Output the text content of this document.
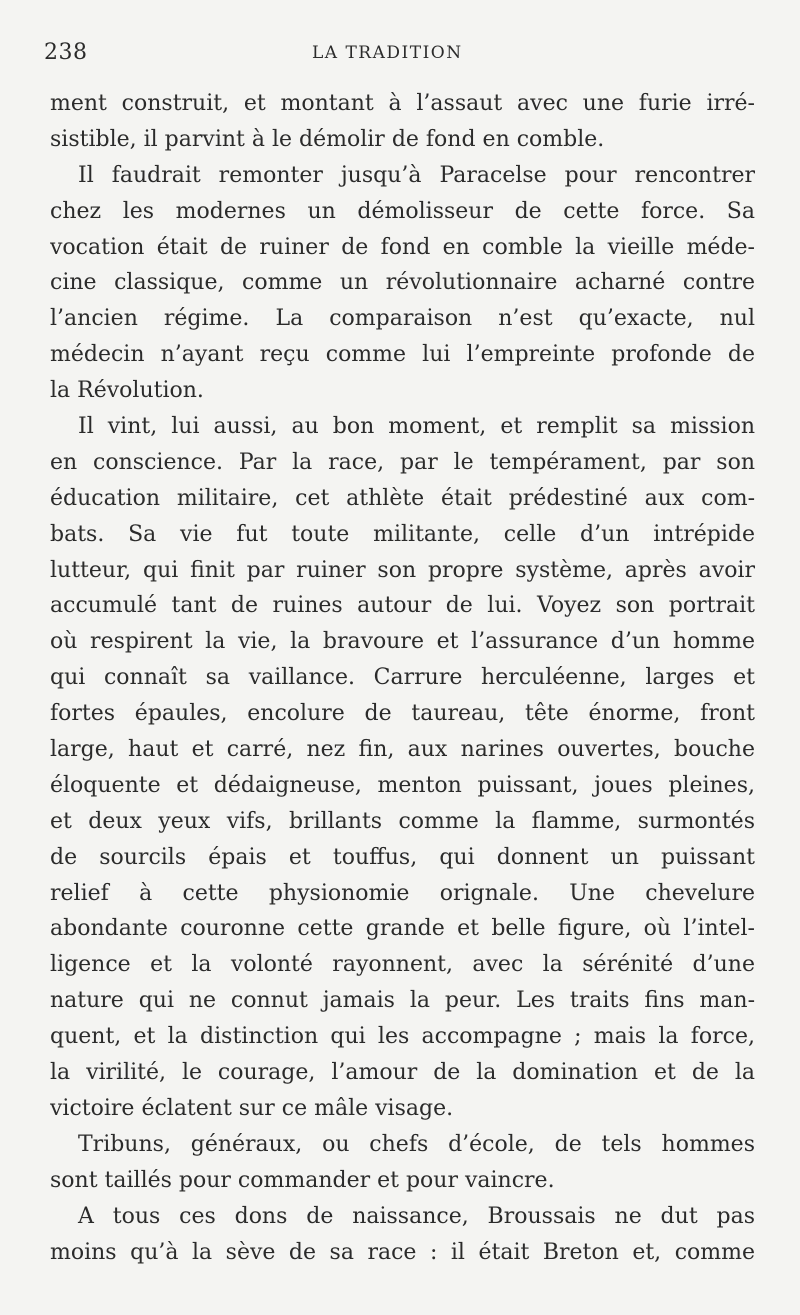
238	LA TRADITION
ment construit, et montant à l’assaut avec une furie irré-
sistible, il parvint à le démolir de fond en comble.
Il faudrait remonter jusqu’à Paracelse pour rencontrer
chez les modernes un démolisseur de cette force. Sa
vocation était de ruiner de fond en comble la vieille méde-
cine classique, comme un révolutionnaire acharné contre
l’ancien régime. La comparaison n’est qu’exacte, nul
médecin n’ayant reçu comme lui l’empreinte profonde de
la Révolution.
Il vint, lui aussi, au bon moment, et remplit sa mission
en conscience. Par la race, par le tempérament, par son
éducation militaire, cet athlète était prédestiné aux com-
bats. Sa vie fut toute militante, celle d’un intrépide
lutteur, qui finit par ruiner son propre système, après avoir
accumulé tant de ruines autour de lui. Voyez son portrait
où respirent la vie, la bravoure et l’assurance d’un homme
qui connaît sa vaillance. Carrure herculéenne, larges et
fortes épaules, encolure de taureau, tête énorme, front
large, haut et carré, nez fin, aux narines ouvertes, bouche
éloquente et dédaigneuse, menton puissant, joues pleines,
et deux yeux vifs, brillants comme la flamme, surmontés
de sourcils épais et touffus, qui donnent un puissant
relief à cette physionomie orignale. Une chevelure
abondante couronne cette grande et belle figure, où l’intel-
ligence et la volonté rayonnent, avec la sérénité d’une
nature qui ne connut jamais la peur. Les traits fins man-
quent, et la distinction qui les accompagne ; mais la force,
la virilité, le courage, l’amour de la domination et de la
victoire éclatent sur ce mâle visage.
Tribuns, généraux, ou chefs d’école, de tels hommes
sont taillés pour commander et pour vaincre.
A tous ces dons de naissance, Broussais ne dut pas
moins qu’à la sève de sa race : il était Breton et, comme
